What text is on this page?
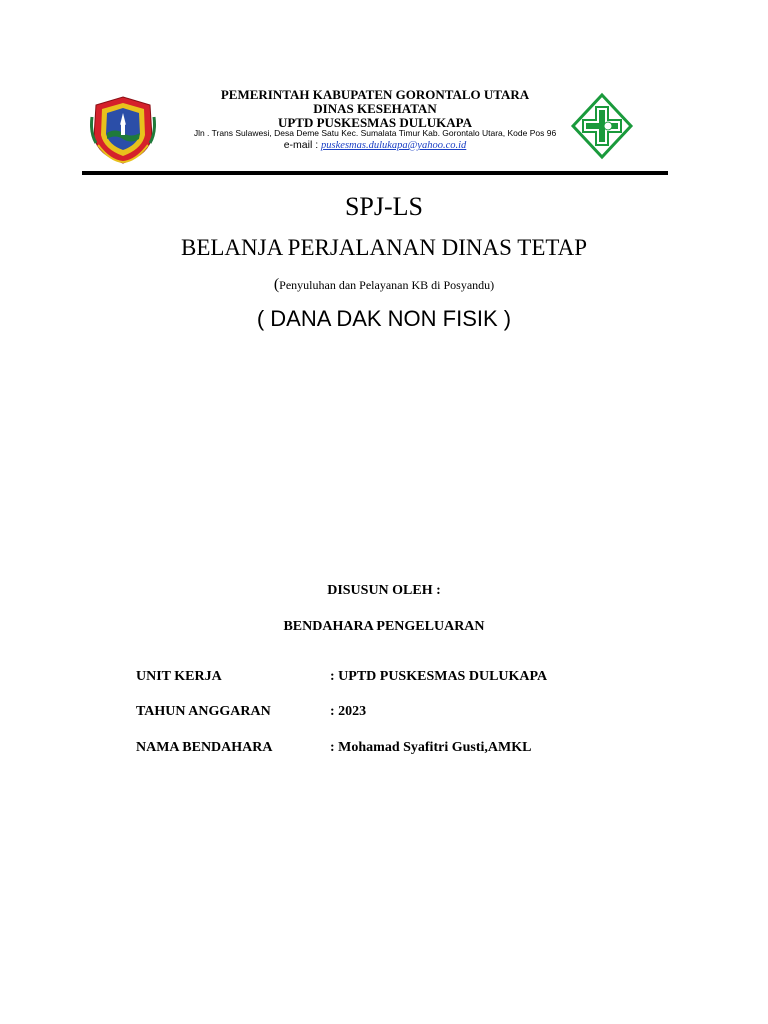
PEMERINTAH KABUPATEN GORONTALO UTARA
DINAS KESEHATAN
UPTD PUSKESMAS DULUKAPA
Jln . Trans Sulawesi, Desa Deme Satu Kec. Sumalata Timur Kab. Gorontalo Utara, Kode Pos 96
e-mail : puskesmas.dulukapa@yahoo.co.id
SPJ-LS
BELANJA PERJALANAN DINAS TETAP
(Penyuluhan dan Pelayanan KB di Posyandu)
( DANA DAK NON FISIK )
DISUSUN OLEH :
BENDAHARA PENGELUARAN
UNIT KERJA	: UPTD PUSKESMAS DULUKAPA
TAHUN ANGGARAN	: 2023
NAMA BENDAHARA	: Mohamad Syafitri Gusti,AMKL
